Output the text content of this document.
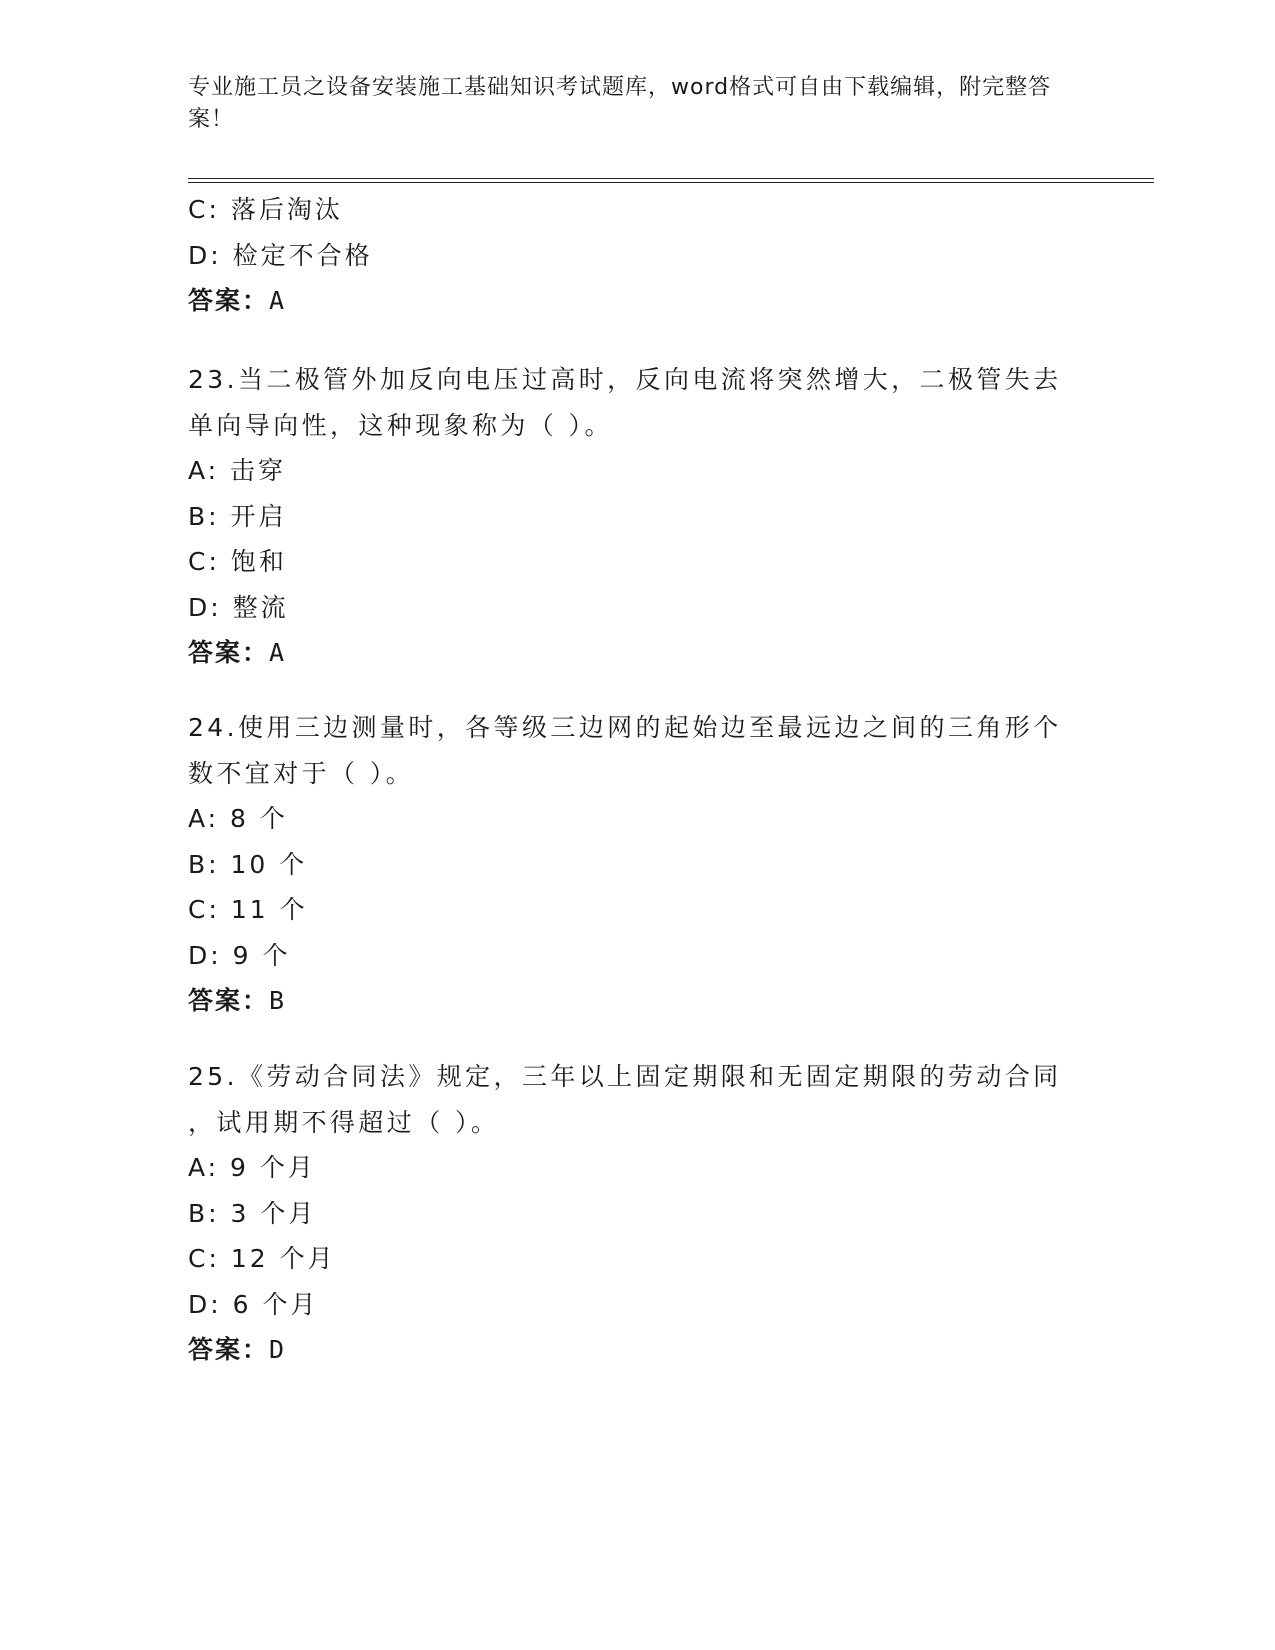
专业施工员之设备安装施工基础知识考试题库，word格式可自由下载编辑，附完整答案！
C: 落后淘汰
D: 检定不合格
答案：A
23.当二极管外加反向电压过高时，反向电流将突然增大，二极管失去
单向导向性，这种现象称为（ ）。
A: 击穿
B: 开启
C: 饱和
D: 整流
答案：A
24.使用三边测量时，各等级三边网的起始边至最远边之间的三角形个
数不宜对于（ ）。
A: 8 个
B: 10 个
C: 11 个
D: 9 个
答案：B
25.《劳动合同法》规定，三年以上固定期限和无固定期限的劳动合同
，试用期不得超过（ ）。
A: 9 个月
B: 3 个月
C: 12 个月
D: 6 个月
答案：D
